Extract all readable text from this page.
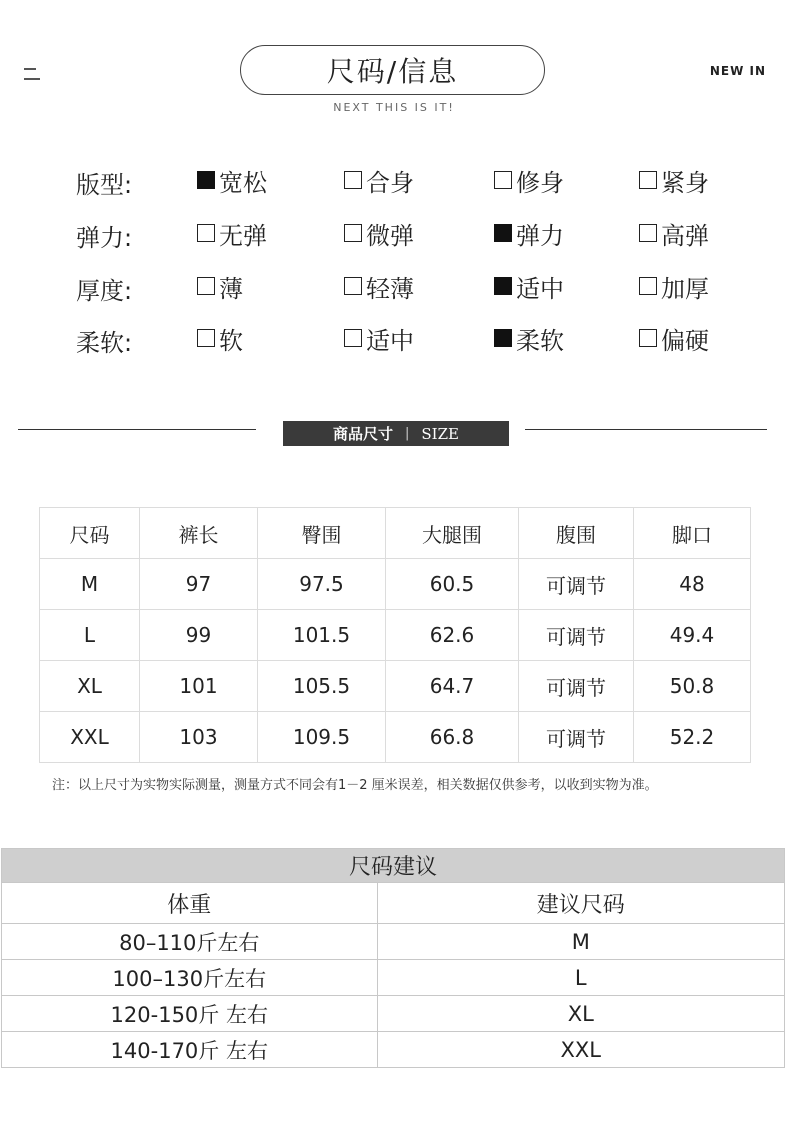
尺码/信息
NEXT THIS IS IT!
NEW IN
版型:	宽松	合身	修身	紧身
弹力:	无弹	微弹	弹力	高弹
厚度:	薄	轻薄	适中	加厚
柔软:	软	适中	柔软	偏硬
商品尺寸 | SIZE
尺码	裤长	臀围	大腿围	腹围	脚口
M	97	97.5	60.5	可调节	48
L	99	101.5	62.6	可调节	49.4
XL	101	105.5	64.7	可调节	50.8
XXL	103	109.5	66.8	可调节	52.2
注：以上尺寸为实物实际测量，测量方式不同会有1－2 厘米误差，相关数据仅供参考，以收到实物为准。
尺码建议	
体重	建议尺码
80–110斤左右	M
100–130斤左右	L
120-150斤 左右	XL
140-170斤 左右	XXL
